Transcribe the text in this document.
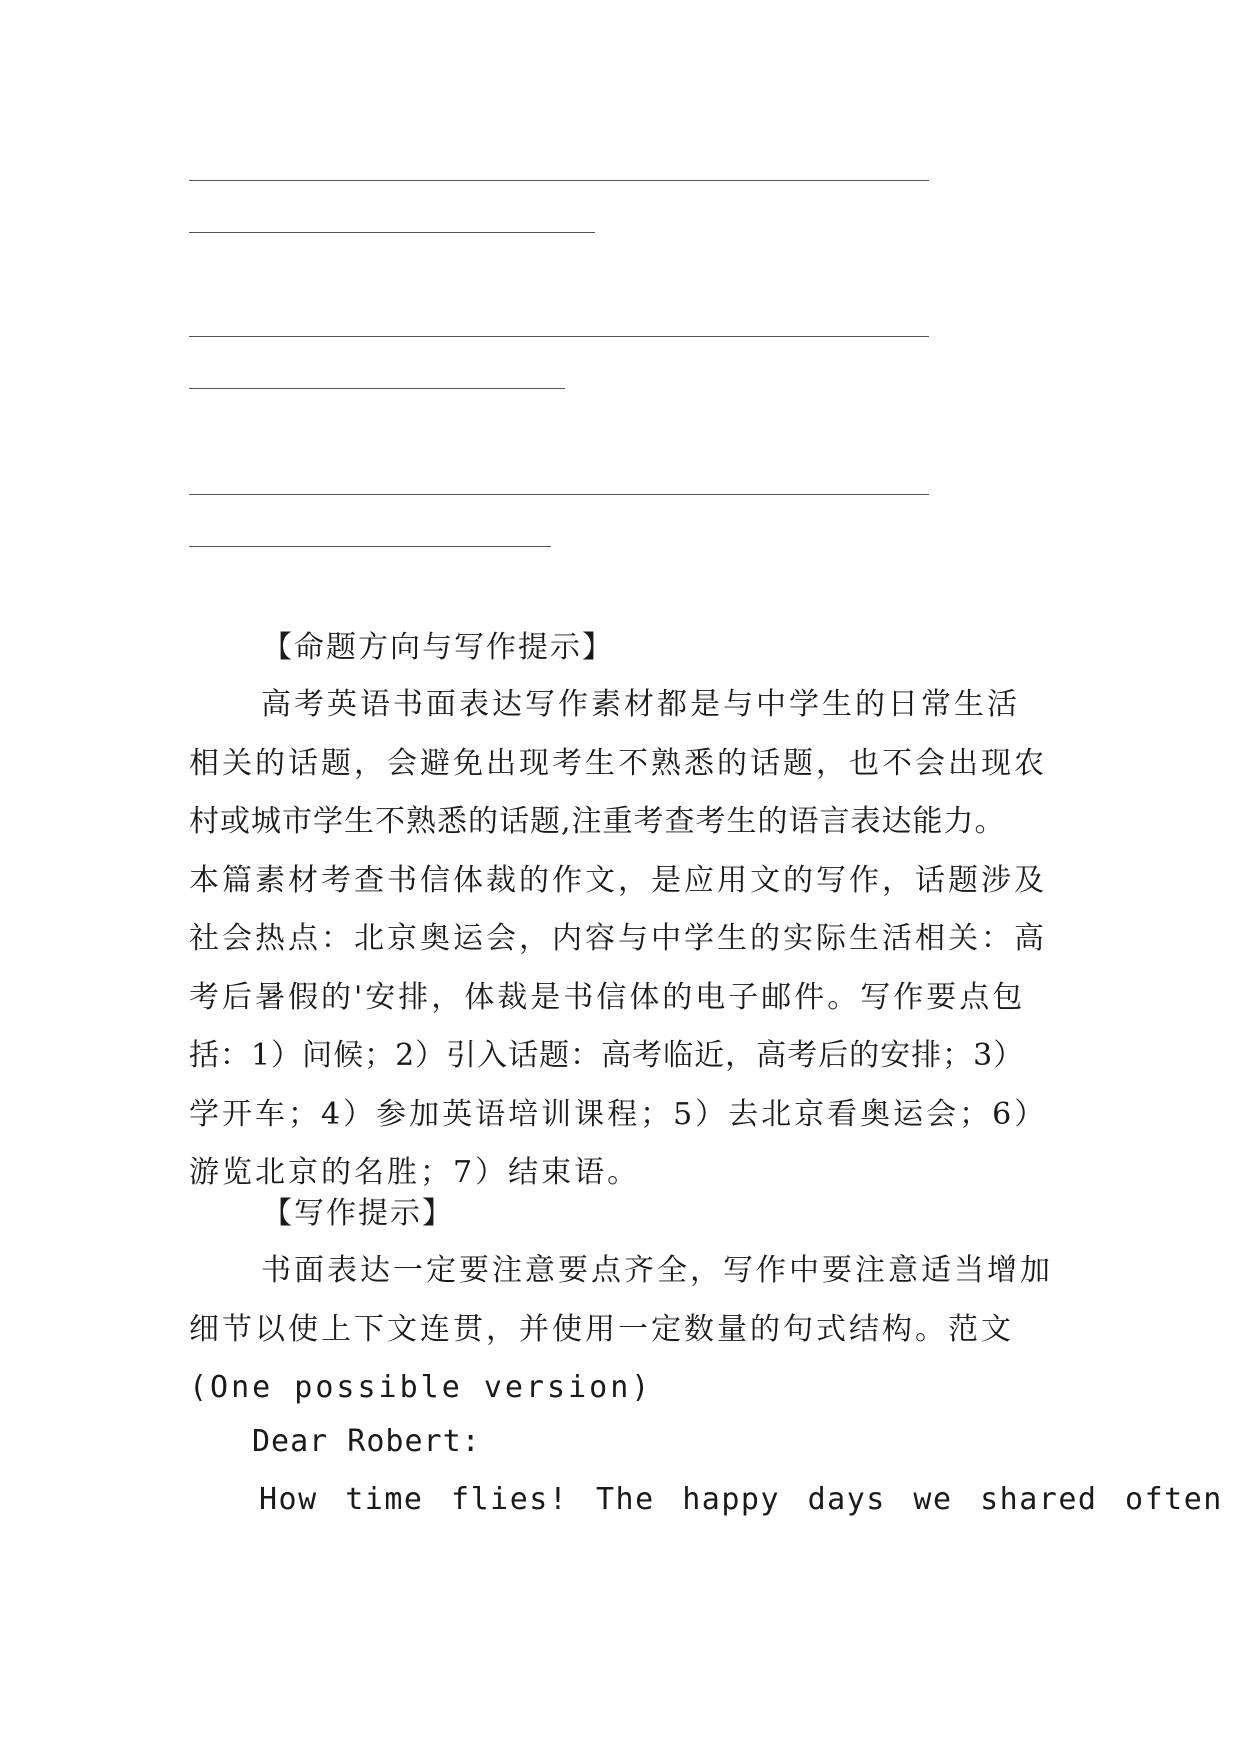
【命题方向与写作提示】
高考英语书面表达写作素材都是与中学生的日常生活
相关的话题，会避免出现考生不熟悉的话题，也不会出现农
村或城市学生不熟悉的话题,注重考查考生的语言表达能力。
本篇素材考查书信体裁的作文，是应用文的写作，话题涉及
社会热点：北京奥运会，内容与中学生的实际生活相关：高
考后暑假的'安排，体裁是书信体的电子邮件。写作要点包
括：1）问候；2）引入话题：高考临近，高考后的安排；3）
学开车；4）参加英语培训课程；5）去北京看奥运会；6）
游览北京的名胜；7）结束语。
【写作提示】
书面表达一定要注意要点齐全，写作中要注意适当增加
细节以使上下文连贯，并使用一定数量的句式结构。范文
(One possible version)
Dear Robert:
How time flies! The happy days we shared often
